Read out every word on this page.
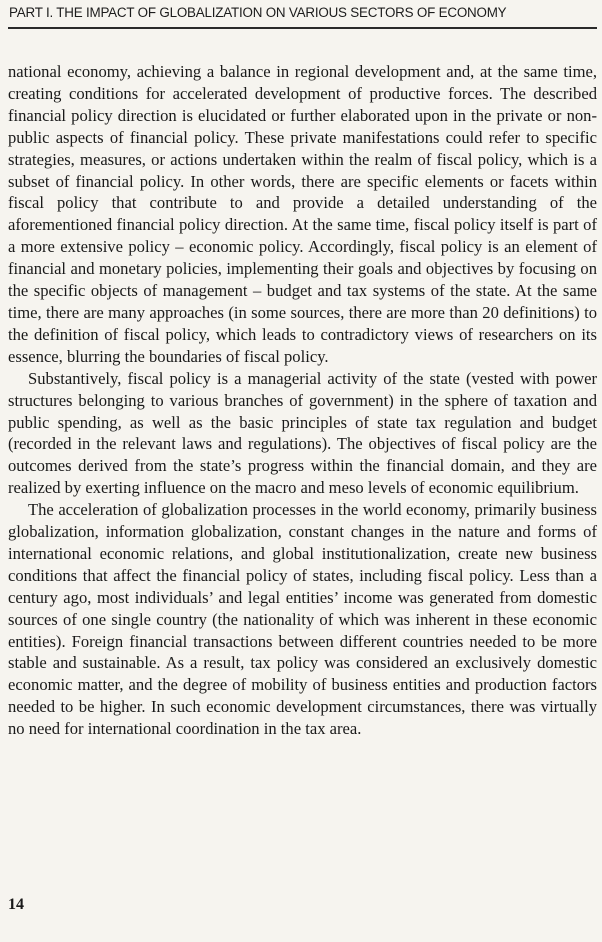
PART I. THE IMPACT OF GLOBALIZATION ON VARIOUS SECTORS OF ECONOMY

national economy, achieving a balance in regional development and, at the same time, creating conditions for accelerated development of productive forces. The described financial policy direction is elucidated or further elaborated upon in the private or non-public aspects of financial policy. These private manifestations could refer to specific strategies, measures, or actions undertaken within the realm of fiscal policy, which is a subset of financial policy. In other words, there are specific elements or facets within fiscal policy that contribute to and provide a detailed understanding of the aforementioned financial policy direction. At the same time, fiscal policy itself is part of a more extensive policy – economic policy. Accordingly, fiscal policy is an element of financial and monetary policies, implementing their goals and objectives by focusing on the specific objects of management – budget and tax systems of the state. At the same time, there are many approaches (in some sources, there are more than 20 definitions) to the definition of fiscal policy, which leads to contradictory views of researchers on its essence, blurring the boundaries of fiscal policy.

Substantively, fiscal policy is a managerial activity of the state (vested with power structures belonging to various branches of government) in the sphere of taxation and public spending, as well as the basic principles of state tax regulation and budget (recorded in the relevant laws and regulations). The objectives of fiscal policy are the outcomes derived from the state’s progress within the financial domain, and they are realized by exerting influence on the macro and meso levels of economic equilibrium.

The acceleration of globalization processes in the world economy, primarily business globalization, information globalization, constant changes in the nature and forms of international economic relations, and global institutionalization, create new business conditions that affect the financial policy of states, including fiscal policy. Less than a century ago, most individuals’ and legal entities’ income was generated from domestic sources of one single country (the nationality of which was inherent in these economic entities). Foreign financial transactions between different countries needed to be more stable and sustainable. As a result, tax policy was considered an exclusively domestic economic matter, and the degree of mobility of business entities and production factors needed to be higher. In such economic development circumstances, there was virtually no need for international coordination in the tax area.

14
